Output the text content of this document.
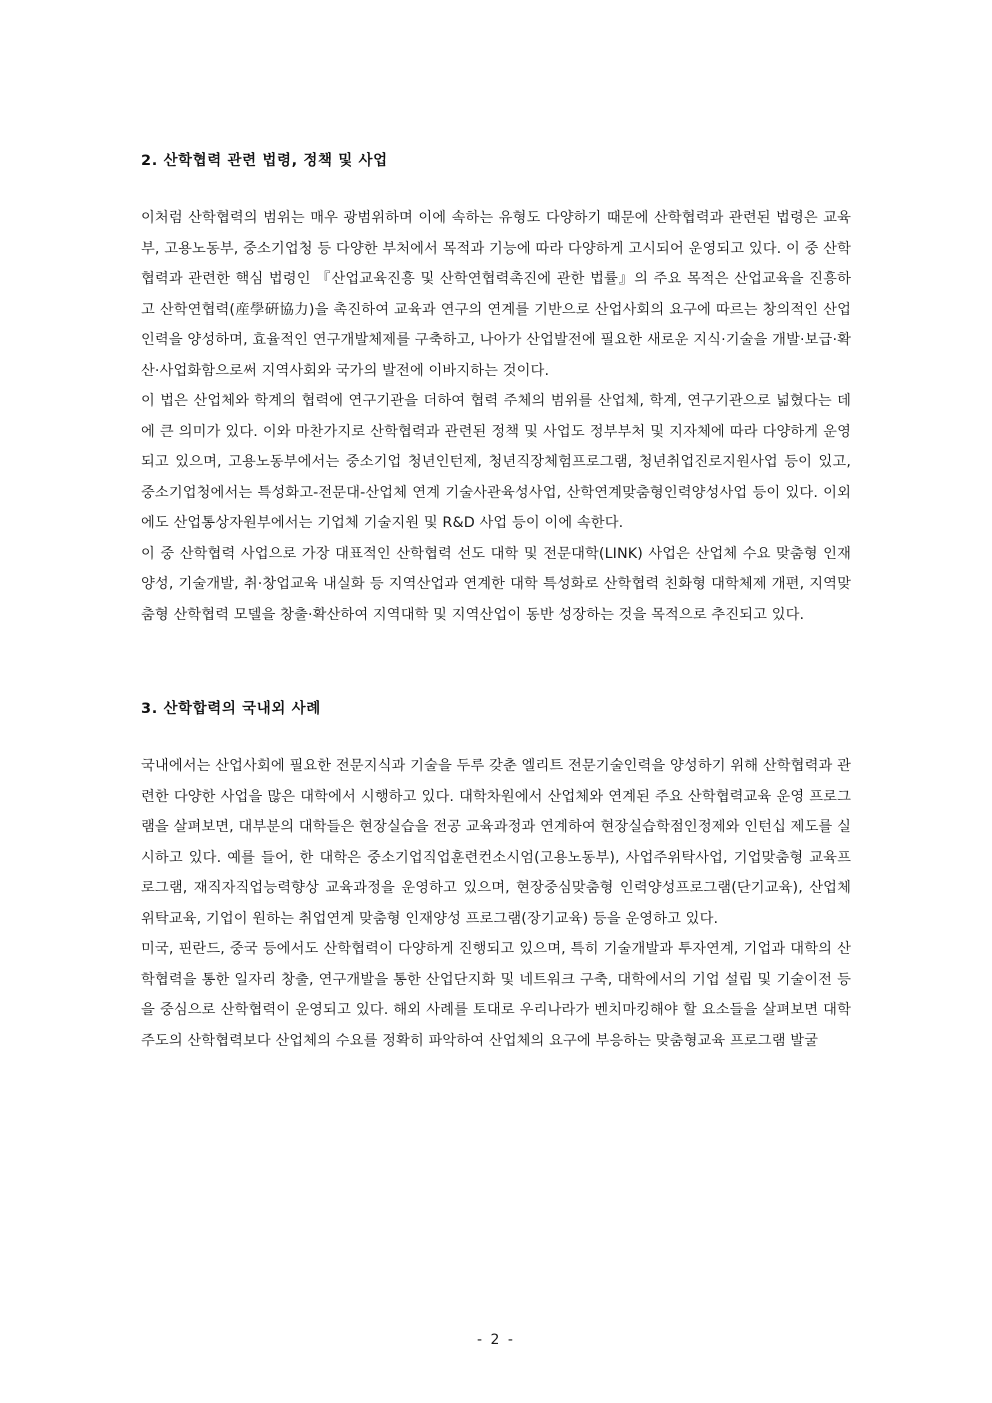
2. 산학협력 관련 법령, 정책 및 사업

이처럼 산학협력의 범위는 매우 광범위하며 이에 속하는 유형도 다양하기 때문에 산학협력과 관련된 법령은 교육부, 고용노동부, 중소기업청 등 다양한 부처에서 목적과 기능에 따라 다양하게 고시되어 운영되고 있다. 이 중 산학협력과 관련한 핵심 법령인 『산업교육진흥 및 산학연협력촉진에 관한 법률』의 주요 목적은 산업교육을 진흥하고 산학연협력(産學硏協力)을 촉진하여 교육과 연구의 연계를 기반으로 산업사회의 요구에 따르는 창의적인 산업인력을 양성하며, 효율적인 연구개발체제를 구축하고, 나아가 산업발전에 필요한 새로운 지식·기술을 개발·보급·확산·사업화함으로써 지역사회와 국가의 발전에 이바지하는 것이다.

이 법은 산업체와 학계의 협력에 연구기관을 더하여 협력 주체의 범위를 산업체, 학계, 연구기관으로 넓혔다는 데에 큰 의미가 있다. 이와 마찬가지로 산학협력과 관련된 정책 및 사업도 정부부처 및 지자체에 따라 다양하게 운영되고 있으며, 고용노동부에서는 중소기업 청년인턴제, 청년직장체험프로그램, 청년취업진로지원사업 등이 있고, 중소기업청에서는 특성화고-전문대-산업체 연계 기술사관육성사업, 산학연계맞춤형인력양성사업 등이 있다. 이외에도 산업통상자원부에서는 기업체 기술지원 및 R&D 사업 등이 이에 속한다.

이 중 산학협력 사업으로 가장 대표적인 산학협력 선도 대학 및 전문대학(LINK) 사업은 산업체 수요 맞춤형 인재양성, 기술개발, 취·창업교육 내실화 등 지역산업과 연계한 대학 특성화로 산학협력 친화형 대학체제 개편, 지역맞춤형 산학협력 모델을 창출·확산하여 지역대학 및 지역산업이 동반 성장하는 것을 목적으로 추진되고 있다.

3. 산학합력의 국내외 사례

국내에서는 산업사회에 필요한 전문지식과 기술을 두루 갖춘 엘리트 전문기술인력을 양성하기 위해 산학협력과 관련한 다양한 사업을 많은 대학에서 시행하고 있다. 대학차원에서 산업체와 연계된 주요 산학협력교육 운영 프로그램을 살펴보면, 대부분의 대학들은 현장실습을 전공 교육과정과 연계하여 현장실습학점인정제와 인턴십 제도를 실시하고 있다. 예를 들어, 한 대학은 중소기업직업훈련컨소시엄(고용노동부), 사업주위탁사업, 기업맞춤형 교육프로그램, 재직자직업능력향상 교육과정을 운영하고 있으며, 현장중심맞춤형 인력양성프로그램(단기교육), 산업체 위탁교육, 기업이 원하는 취업연계 맞춤형 인재양성 프로그램(장기교육) 등을 운영하고 있다.

미국, 핀란드, 중국 등에서도 산학협력이 다양하게 진행되고 있으며, 특히 기술개발과 투자연계, 기업과 대학의 산학협력을 통한 일자리 창출, 연구개발을 통한 산업단지화 및 네트워크 구축, 대학에서의 기업 설립 및 기술이전 등을 중심으로 산학협력이 운영되고 있다. 해외 사례를 토대로 우리나라가 벤치마킹해야 할 요소들을 살펴보면 대학 주도의 산학협력보다 산업체의 수요를 정확히 파악하여 산업체의 요구에 부응하는 맞춤형교육 프로그램 발굴

- 2 -
